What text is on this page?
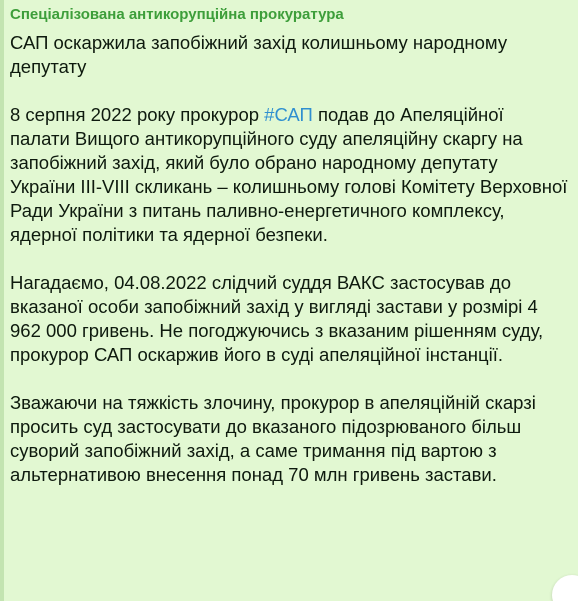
Спеціалізована антикорупційна прокуратура
САП оскаржила запобіжний захід колишньому народному депутату
8 серпня 2022 року прокурор #САП подав до Апеляційної палати Вищого антикорупційного суду апеляційну скаргу на запобіжний захід, який було обрано народному депутату України ІІІ-VIII скликань – колишньому голові Комітету Верховної Ради України з питань паливно-енергетичного комплексу, ядерної політики та ядерної безпеки.
Нагадаємо, 04.08.2022 слідчий суддя ВАКС застосував до вказаної особи запобіжний захід у вигляді застави у розмірі 4 962 000 гривень. Не погоджуючись з вказаним рішенням суду, прокурор САП оскаржив його в суді апеляційної інстанції.
Зважаючи на тяжкість злочину, прокурор в апеляційній скарзі просить суд застосувати до вказаного підозрюваного більш суворий запобіжний захід, а саме тримання під вартою з альтернативою внесення понад 70 млн гривень застави.
